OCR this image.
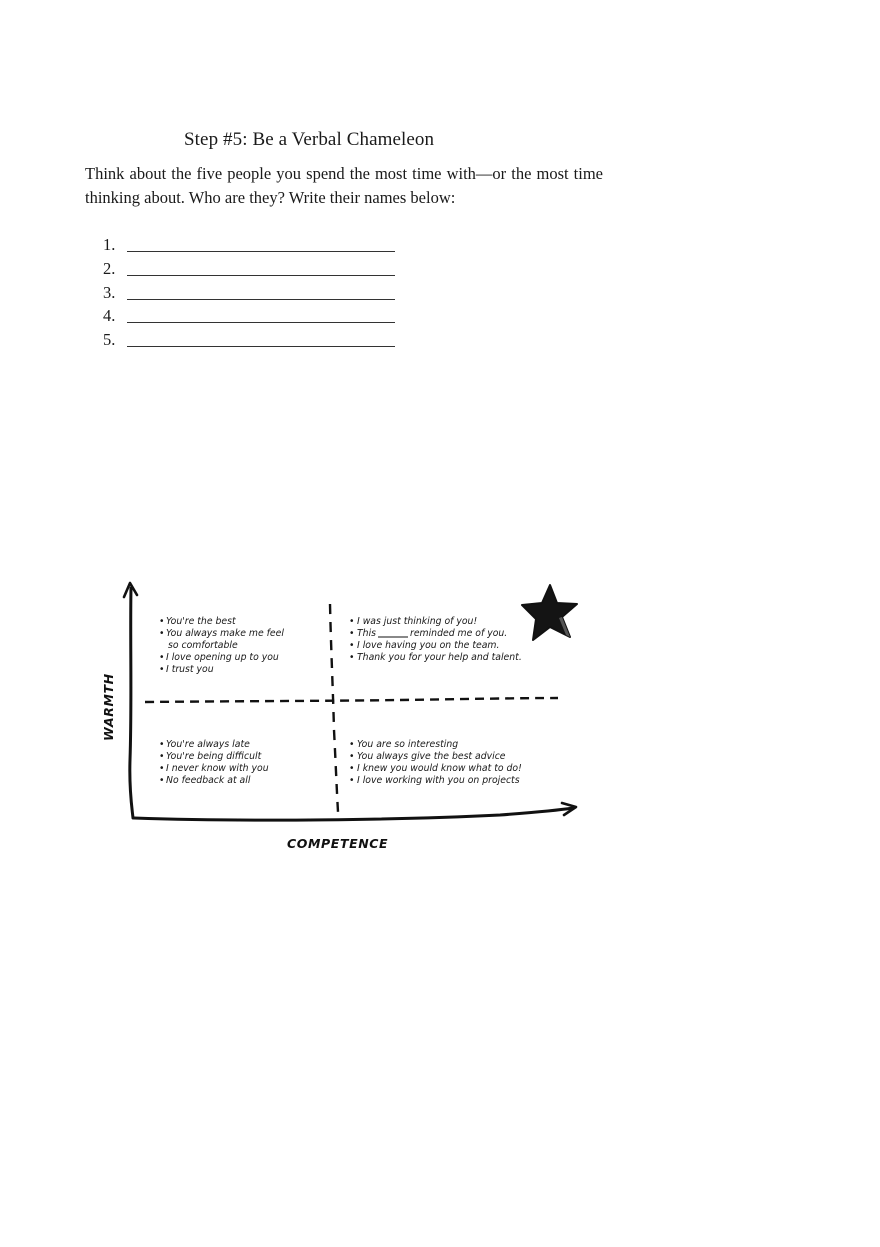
Step #5: Be a Verbal Chameleon
Think about the five people you spend the most time with—or the most time thinking about. Who are they? Write their names below:
1.
2.
3.
4.
5.
WARMTH
COMPETENCE
• You're the best
• You always make me feel
so comfortable
• I love opening up to you
• I trust you
• I was just thinking of you!
• This	reminded me of you.
• I love having you on the team.
• Thank you for your help and talent.
• You're always late
• You're being difficult
• I never know with you
• No feedback at all
• You are so interesting
• You always give the best advice
• I knew you would know what to do!
• I love working with you on projects
